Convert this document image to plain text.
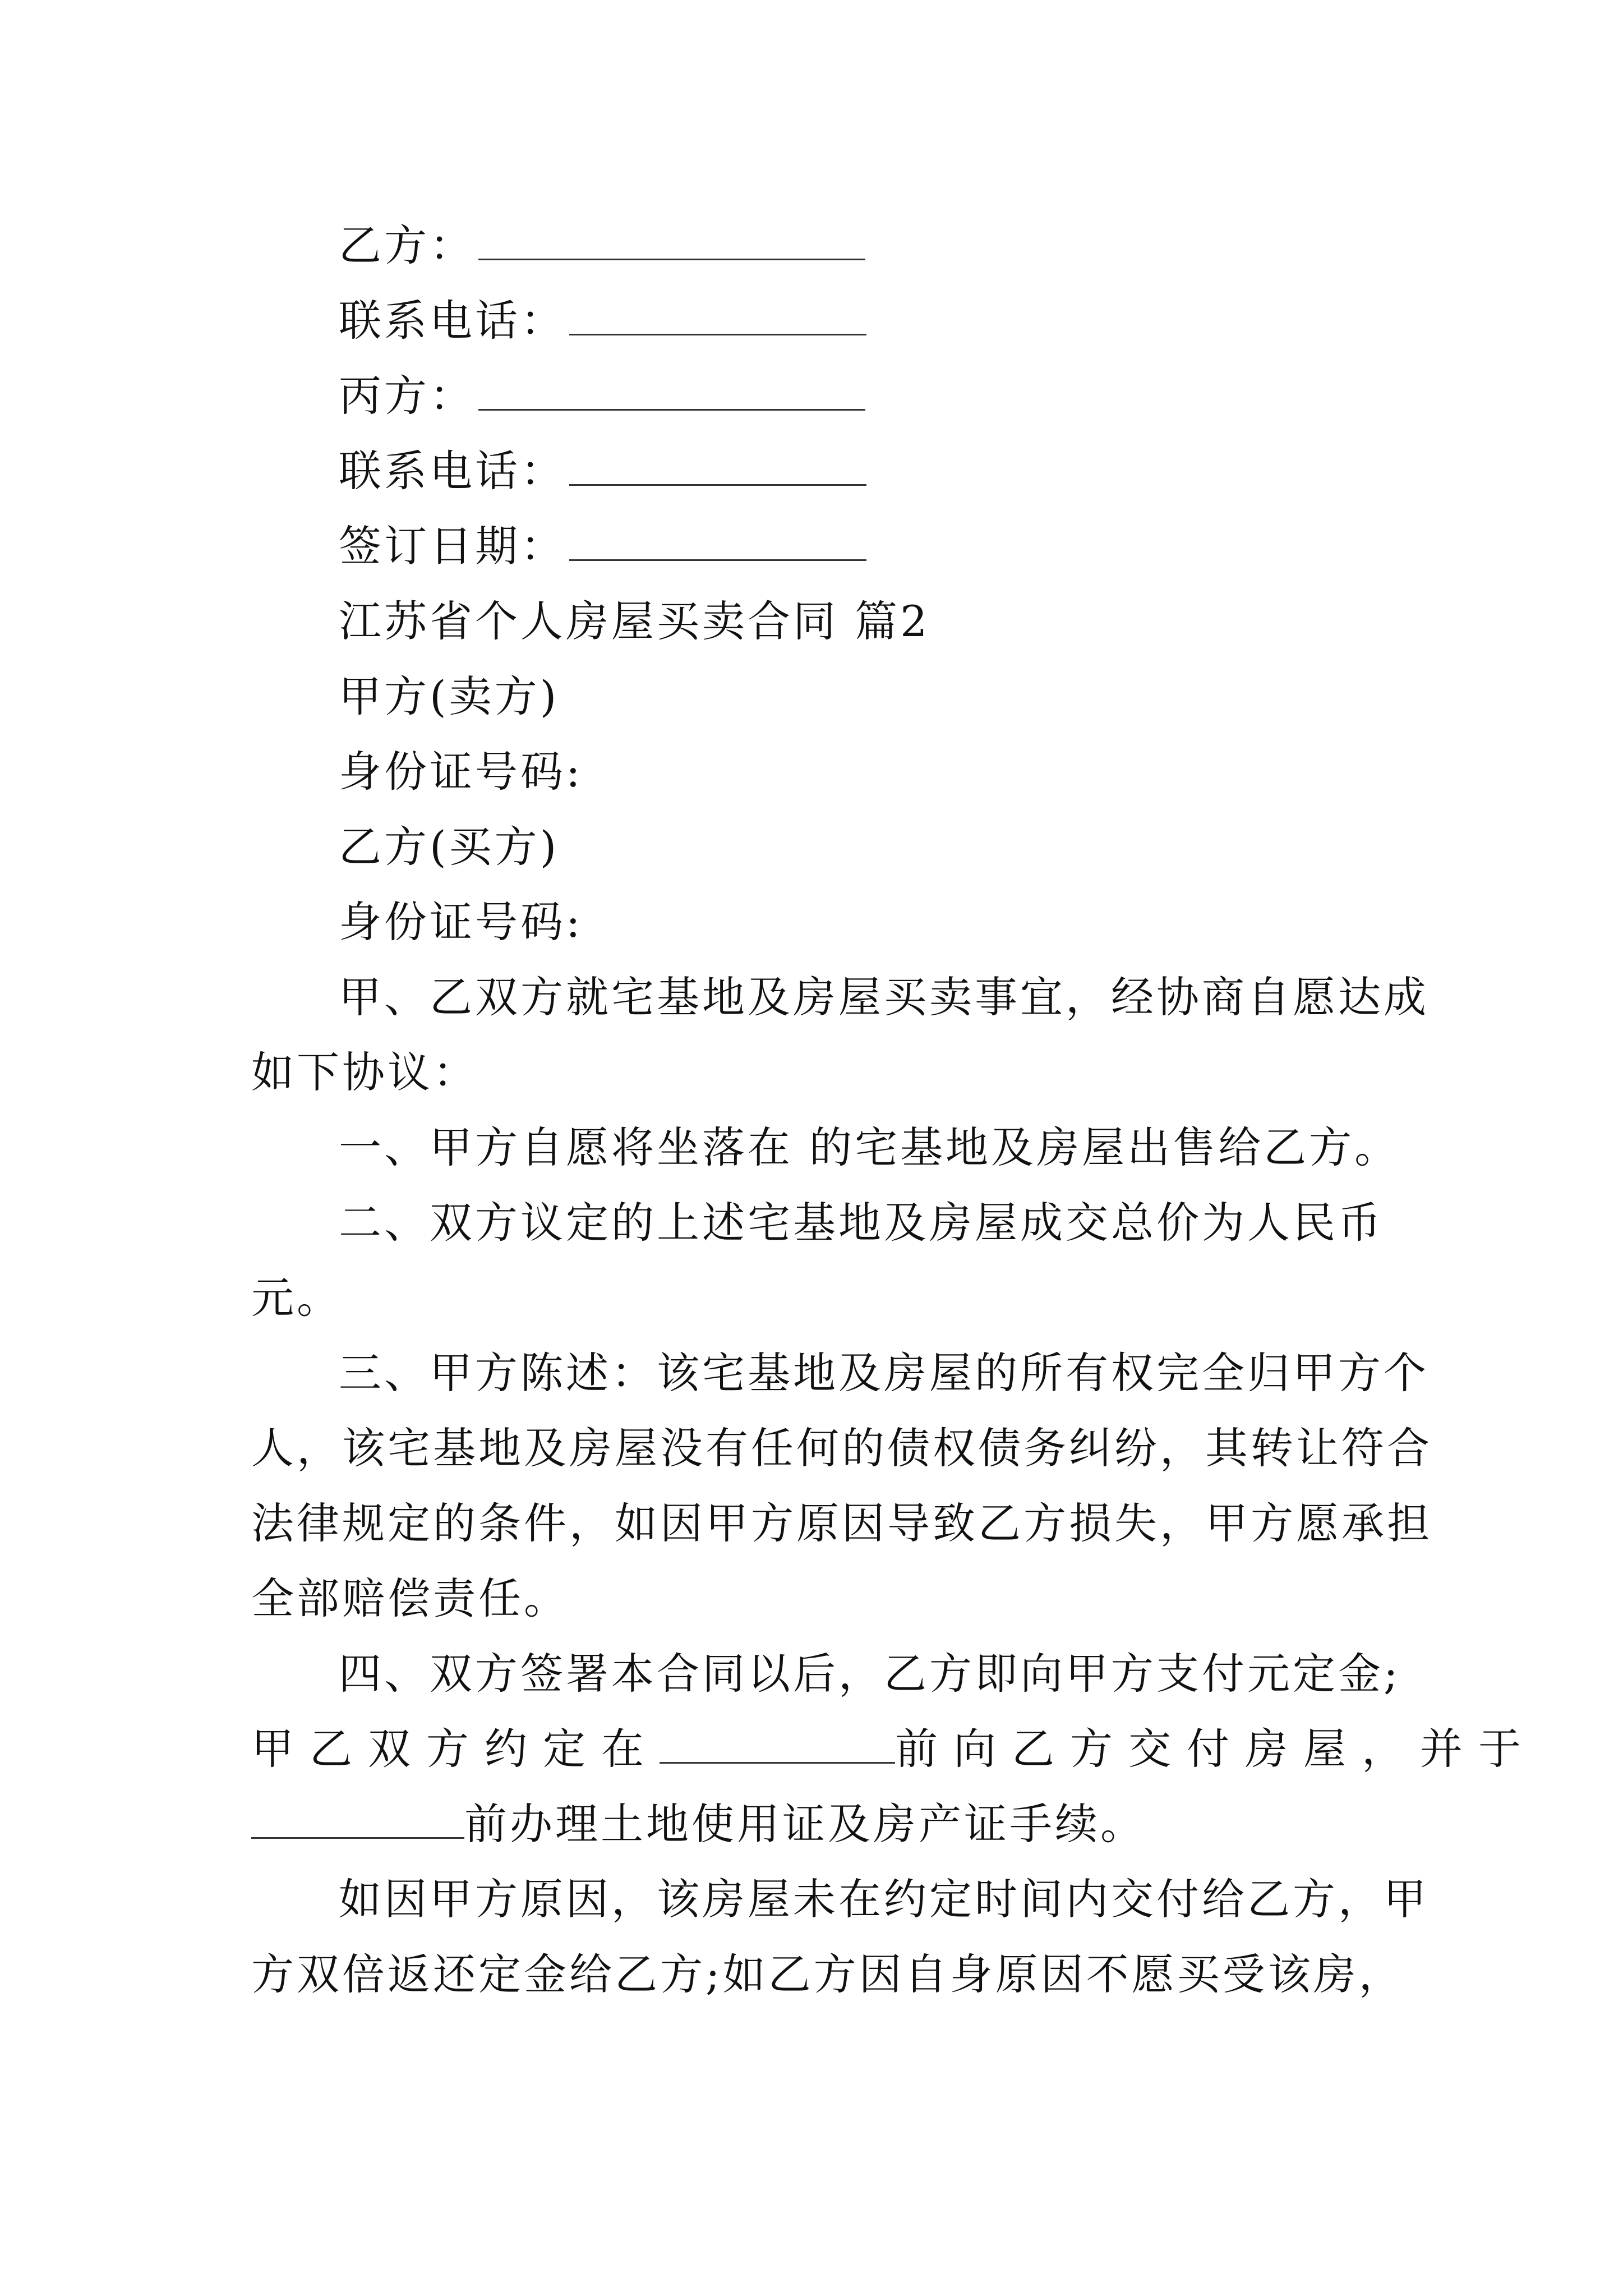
乙方：
联系电话：
丙方：
联系电话：
签订日期：
江苏省个人房屋买卖合同 篇2
甲方(卖方)
身份证号码:
乙方(买方)
身份证号码:
甲、乙双方就宅基地及房屋买卖事宜，经协商自愿达成
如下协议：
一、甲方自愿将坐落在 的宅基地及房屋出售给乙方。
二、双方议定的上述宅基地及房屋成交总价为人民币
元。
三、甲方陈述：该宅基地及房屋的所有权完全归甲方个
人，该宅基地及房屋没有任何的债权债务纠纷，其转让符合
法律规定的条件，如因甲方原因导致乙方损失，甲方愿承担
全部赔偿责任。
四、双方签署本合同以后，乙方即向甲方支付元定金;
甲乙双方约定在	前向乙方交付房屋，并于
前办理土地使用证及房产证手续。
如因甲方原因，该房屋未在约定时间内交付给乙方，甲
方双倍返还定金给乙方;如乙方因自身原因不愿买受该房，
